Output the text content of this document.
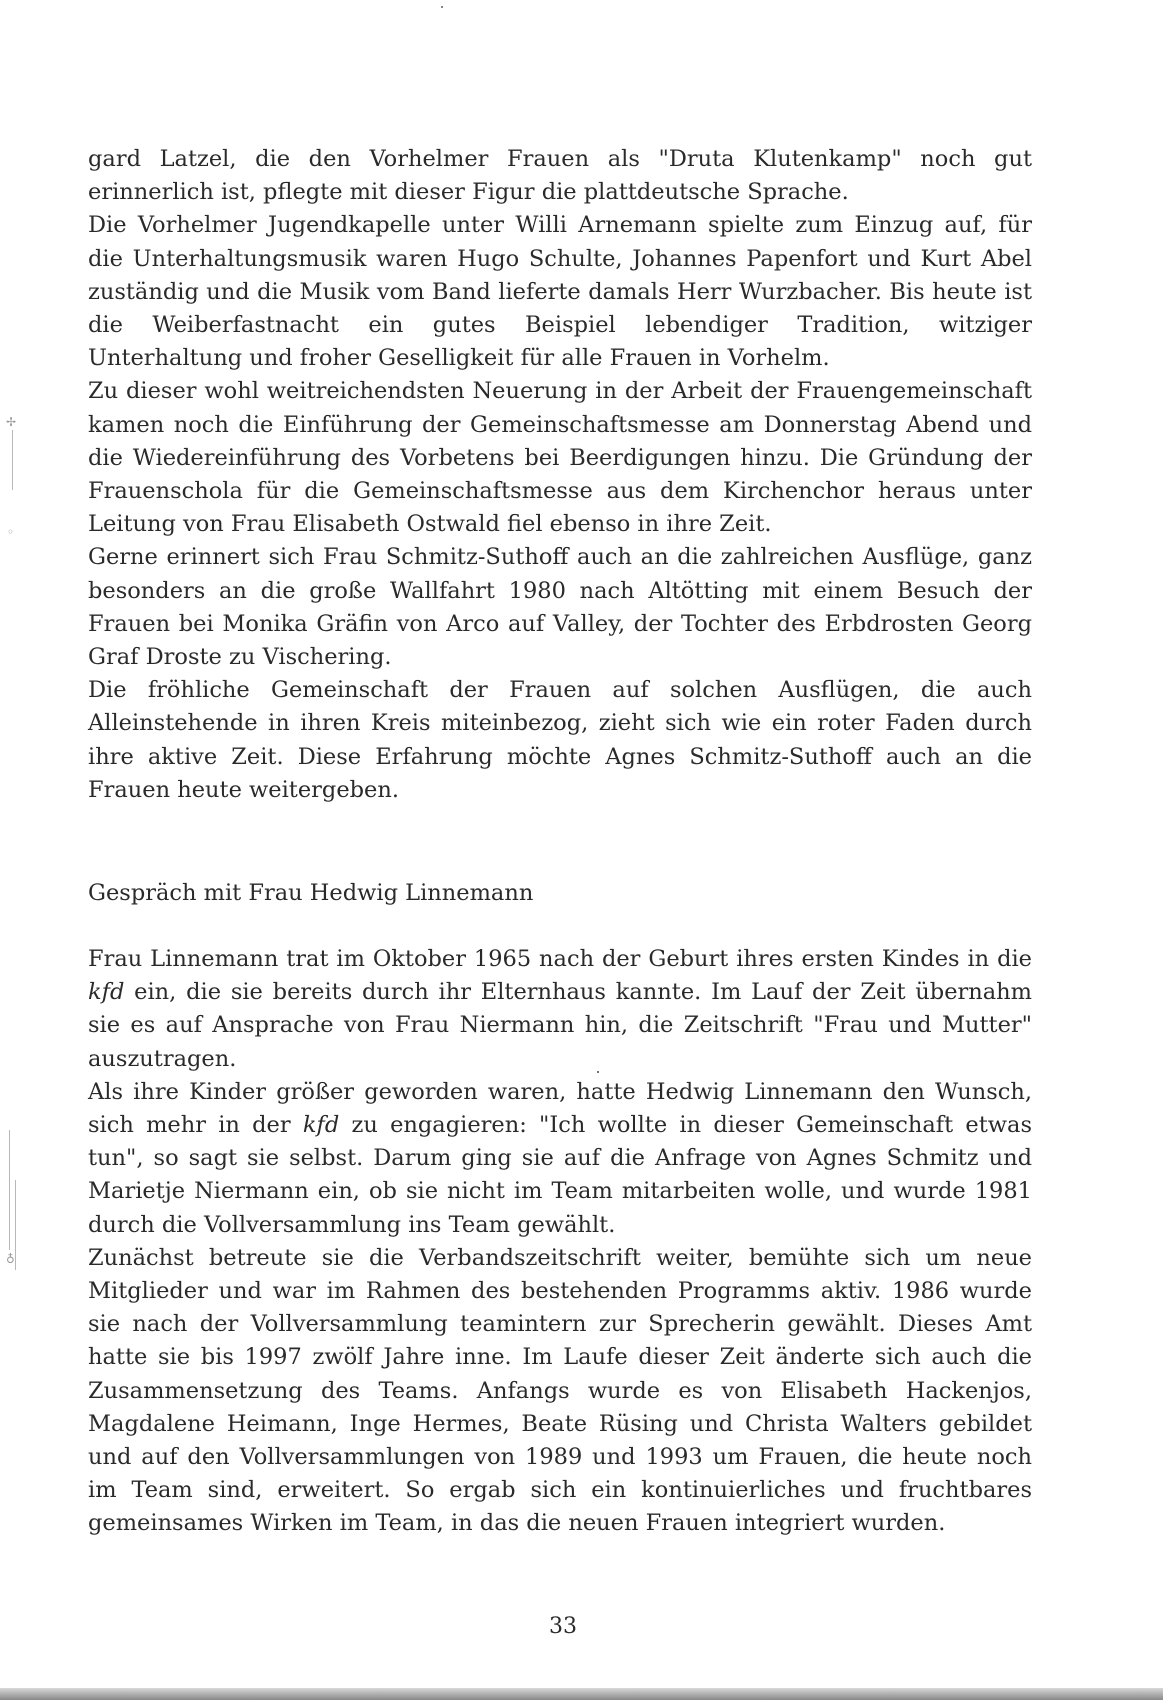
gard Latzel, die den Vorhelmer Frauen als "Druta Klutenkamp" noch gut erinnerlich ist, pflegte mit dieser Figur die plattdeutsche Sprache.

Die Vorhelmer Jugendkapelle unter Willi Arnemann spielte zum Einzug auf, für die Unterhaltungsmusik waren Hugo Schulte, Johannes Papenfort und Kurt Abel zuständig und die Musik vom Band lieferte damals Herr Wurzbacher. Bis heute ist die Weiberfastnacht ein gutes Beispiel lebendiger Tradition, witziger Unterhaltung und froher Geselligkeit für alle Frauen in Vorhelm.

Zu dieser wohl weitreichendsten Neuerung in der Arbeit der Frauengemeinschaft kamen noch die Einführung der Gemeinschaftsmesse am Donnerstag Abend und die Wiedereinführung des Vorbetens bei Beerdigungen hinzu. Die Gründung der Frauenschola für die Gemeinschaftsmesse aus dem Kirchenchor heraus unter Leitung von Frau Elisabeth Ostwald fiel ebenso in ihre Zeit.

Gerne erinnert sich Frau Schmitz-Suthoff auch an die zahlreichen Ausflüge, ganz besonders an die große Wallfahrt 1980 nach Altötting mit einem Besuch der Frauen bei Monika Gräfin von Arco auf Valley, der Tochter des Erbdrosten Georg Graf Droste zu Vischering.

Die fröhliche Gemeinschaft der Frauen auf solchen Ausflügen, die auch Alleinstehende in ihren Kreis miteinbezog, zieht sich wie ein roter Faden durch ihre aktive Zeit. Diese Erfahrung möchte Agnes Schmitz-Suthoff auch an die Frauen heute weitergeben.

Gespräch mit Frau Hedwig Linnemann

Frau Linnemann trat im Oktober 1965 nach der Geburt ihres ersten Kindes in die kfd ein, die sie bereits durch ihr Elternhaus kannte. Im Lauf der Zeit übernahm sie es auf Ansprache von Frau Niermann hin, die Zeitschrift "Frau und Mutter" auszutragen.

Als ihre Kinder größer geworden waren, hatte Hedwig Linnemann den Wunsch, sich mehr in der kfd zu engagieren: "Ich wollte in dieser Gemeinschaft etwas tun", so sagt sie selbst. Darum ging sie auf die Anfrage von Agnes Schmitz und Marietje Niermann ein, ob sie nicht im Team mitarbeiten wolle, und wurde 1981 durch die Vollversammlung ins Team gewählt.

Zunächst betreute sie die Verbandszeitschrift weiter, bemühte sich um neue Mitglieder und war im Rahmen des bestehenden Programms aktiv. 1986 wurde sie nach der Vollversammlung teamintern zur Sprecherin gewählt. Dieses Amt hatte sie bis 1997 zwölf Jahre inne. Im Laufe dieser Zeit änderte sich auch die Zusammensetzung des Teams. Anfangs wurde es von Elisabeth Hackenjos, Magdalene Heimann, Inge Hermes, Beate Rüsing und Christa Walters gebildet und auf den Vollversammlungen von 1989 und 1993 um Frauen, die heute noch im Team sind, erweitert. So ergab sich ein kontinuierliches und fruchtbares gemeinsames Wirken im Team, in das die neuen Frauen integriert wurden.

33
✢
◦
♁
